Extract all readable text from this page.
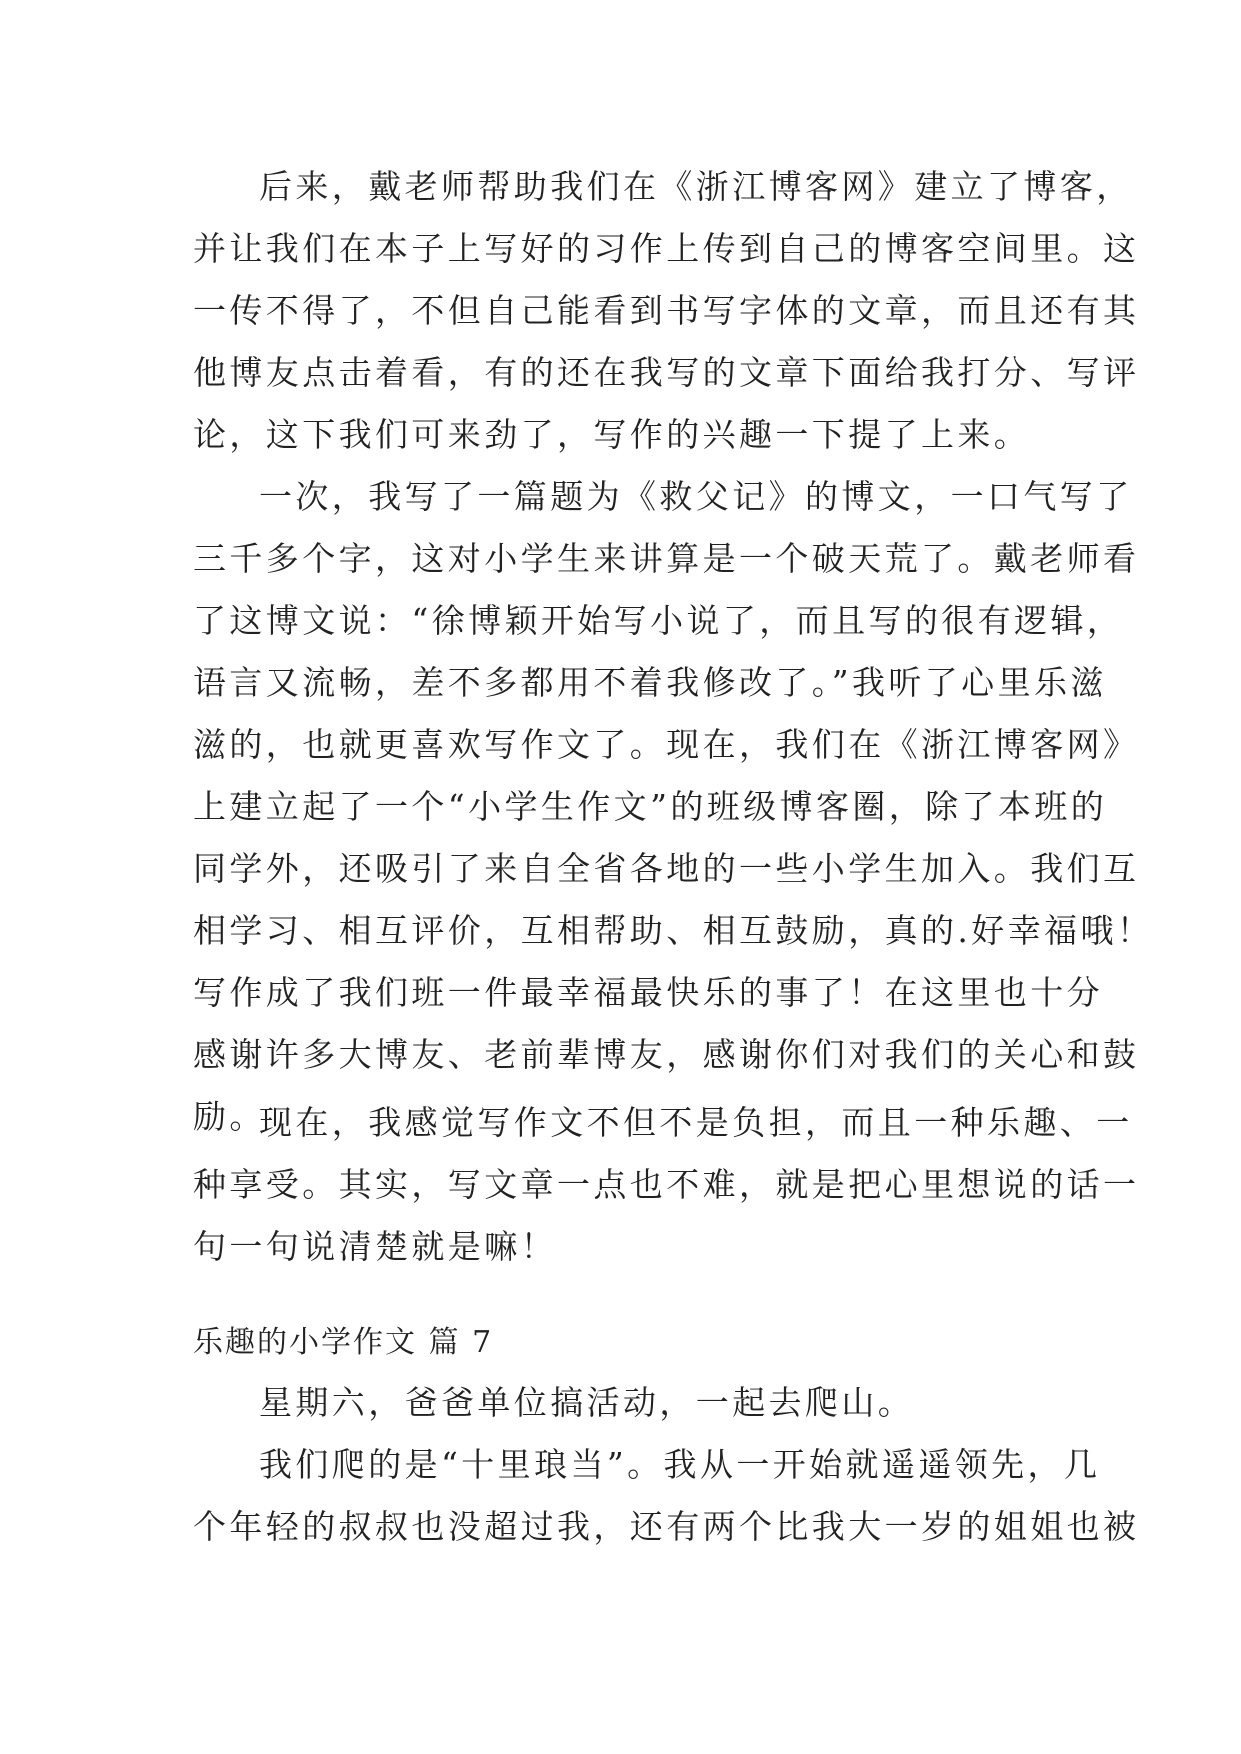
后来，戴老师帮助我们在《浙江博客网》建立了博客，
并让我们在本子上写好的习作上传到自己的博客空间里。这
一传不得了，不但自己能看到书写字体的文章，而且还有其
他博友点击着看，有的还在我写的文章下面给我打分、写评
论，这下我们可来劲了，写作的兴趣一下提了上来。
一次，我写了一篇题为《救父记》的博文，一口气写了
三千多个字，这对小学生来讲算是一个破天荒了。戴老师看
了这博文说：“徐博颖开始写小说了，而且写的很有逻辑，
语言又流畅，差不多都用不着我修改了。”我听了心里乐滋
滋的，也就更喜欢写作文了。现在，我们在《浙江博客网》
上建立起了一个“小学生作文”的班级博客圈，除了本班的
同学外，还吸引了来自全省各地的一些小学生加入。我们互
相学习、相互评价，互相帮助、相互鼓励，真的.好幸福哦！
写作成了我们班一件最幸福最快乐的事了！在这里也十分
感谢许多大博友、老前辈博友，感谢你们对我们的关心和鼓
励。
现在，我感觉写作文不但不是负担，而且一种乐趣、一
种享受。其实，写文章一点也不难，就是把心里想说的话一
句一句说清楚就是嘛！
乐趣的小学作文 篇 7
星期六，爸爸单位搞活动，一起去爬山。
我们爬的是“十里琅当”。我从一开始就遥遥领先，几
个年轻的叔叔也没超过我，还有两个比我大一岁的姐姐也被
